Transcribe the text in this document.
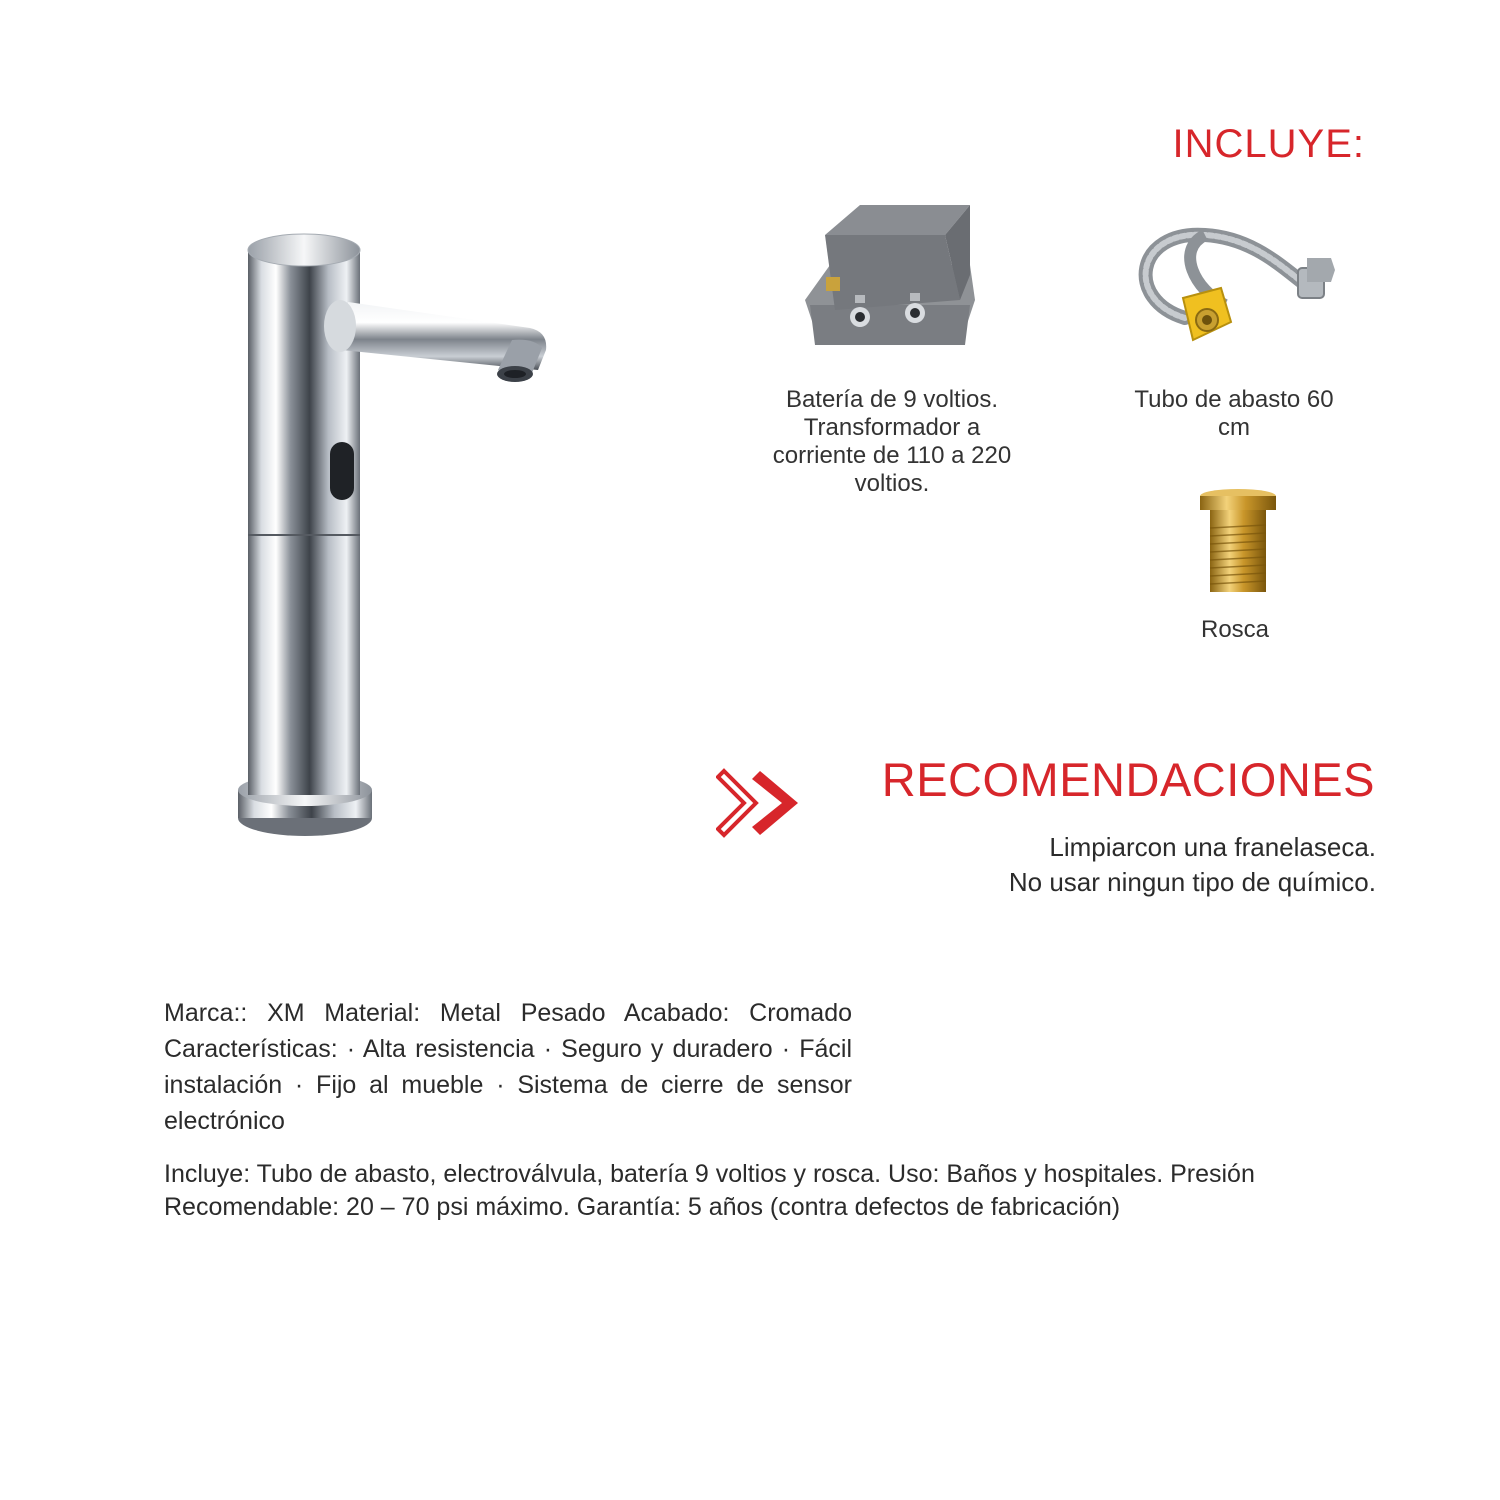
INCLUYE:
Batería de 9 voltios. Transformador a corriente de 110 a 220 voltios.
Tubo de abasto 60 cm
Rosca
RECOMENDACIONES
Limpiarcon una franelaseca.
No usar ningun tipo de químico.
Marca:: XM Material: Metal Pesado Acabado: Cromado Características: · Alta resistencia · Seguro y duradero · Fácil instalación · Fijo al mueble · Sistema de cierre de sensor electrónico
Incluye: Tubo de abasto, electroválvula, batería 9 voltios y rosca. Uso: Baños y hospitales. Presión Recomendable: 20 – 70 psi máximo. Garantía: 5 años (contra defectos de fabricación)
